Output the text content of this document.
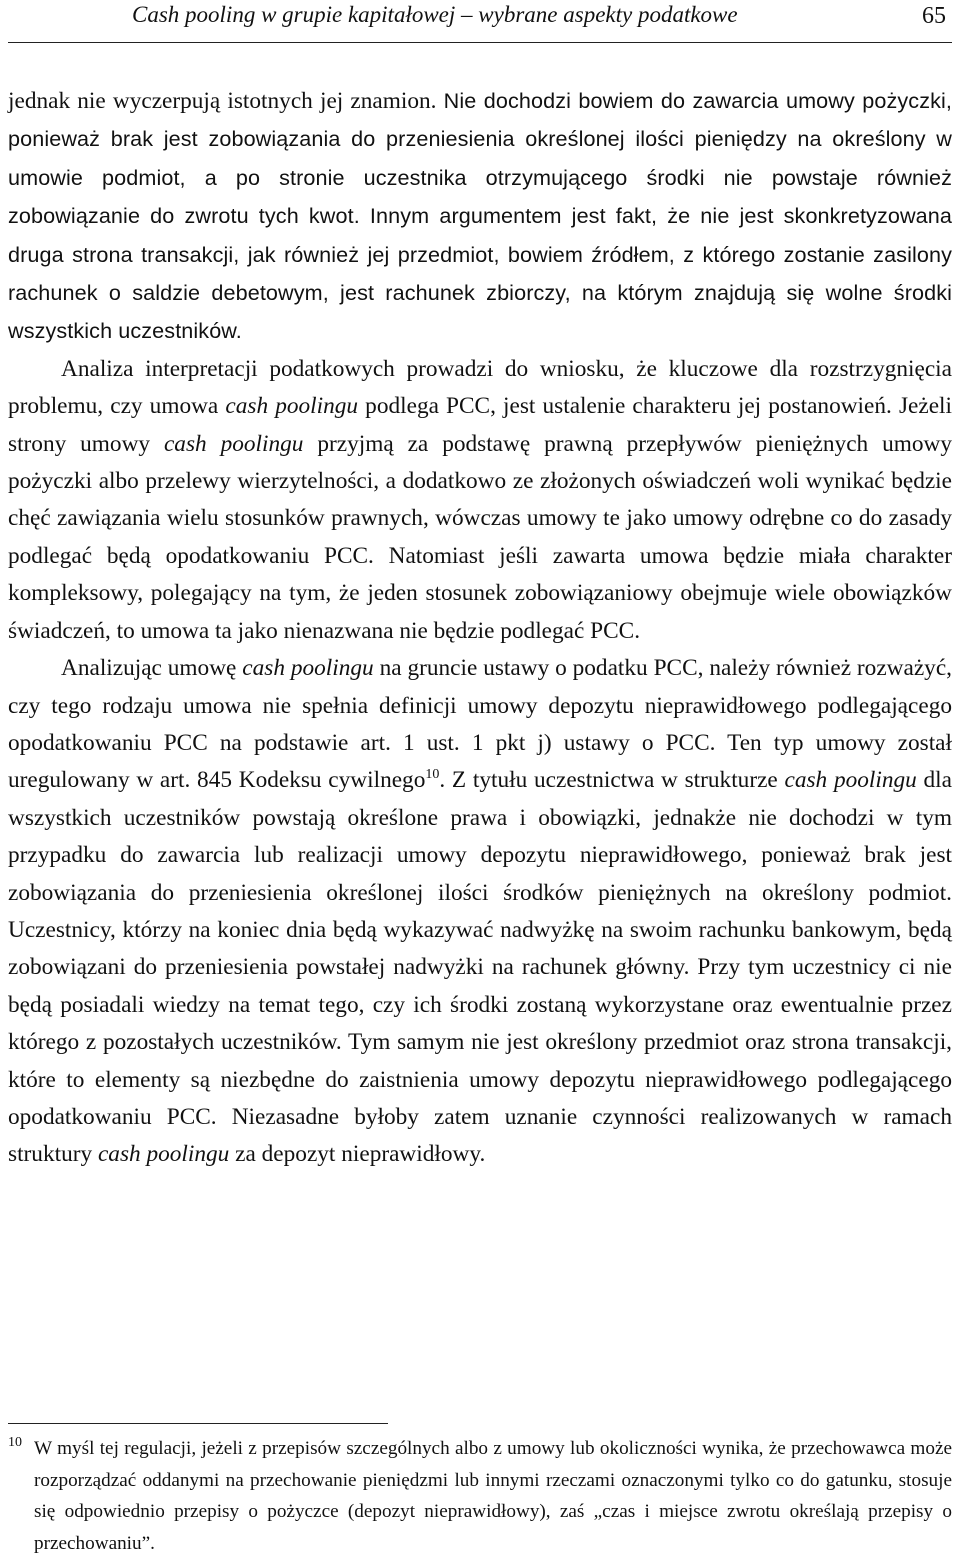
Cash pooling w grupie kapitałowej – wybrane aspekty podatkowe	65

jednak nie wyczerpują istotnych jej znamion. Nie dochodzi bowiem do zawarcia umowy pożyczki, ponieważ brak jest zobowiązania do przeniesienia określonej ilości pieniędzy na określony w umowie podmiot, a po stronie uczestnika otrzymującego środki nie powstaje również zobowiązanie do zwrotu tych kwot. Innym argumentem jest fakt, że nie jest skonkretyzowana druga strona transakcji, jak również jej przedmiot, bowiem źródłem, z którego zostanie zasilony rachunek o saldzie debetowym, jest rachunek zbiorczy, na którym znajdują się wolne środki wszystkich uczestników.

Analiza interpretacji podatkowych prowadzi do wniosku, że kluczowe dla rozstrzygnięcia problemu, czy umowa cash poolingu podlega PCC, jest ustalenie charakteru jej postanowień. Jeżeli strony umowy cash poolingu przyjmą za podstawę prawną przepływów pieniężnych umowy pożyczki albo przelewy wierzytelności, a dodatkowo ze złożonych oświadczeń woli wynikać będzie chęć zawiązania wielu stosunków prawnych, wówczas umowy te jako umowy odrębne co do zasady podlegać będą opodatkowaniu PCC. Natomiast jeśli zawarta umowa będzie miała charakter kompleksowy, polegający na tym, że jeden stosunek zobowiązaniowy obejmuje wiele obowiązków świadczeń, to umowa ta jako nienazwana nie będzie podlegać PCC.

Analizując umowę cash poolingu na gruncie ustawy o podatku PCC, należy również rozważyć, czy tego rodzaju umowa nie spełnia definicji umowy depozytu nieprawidłowego podlegającego opodatkowaniu PCC na podstawie art. 1 ust. 1 pkt j) ustawy o PCC. Ten typ umowy został uregulowany w art. 845 Kodeksu cywilnego$^{10}$. Z tytułu uczestnictwa w strukturze cash poolingu dla wszystkich uczestników powstają określone prawa i obowiązki, jednakże nie dochodzi w tym przypadku do zawarcia lub realizacji umowy depozytu nieprawidłowego, ponieważ brak jest zobowiązania do przeniesienia określonej ilości środków pieniężnych na określony podmiot. Uczestnicy, którzy na koniec dnia będą wykazywać nadwyżkę na swoim rachunku bankowym, będą zobowiązani do przeniesienia powstałej nadwyżki na rachunek główny. Przy tym uczestnicy ci nie będą posiadali wiedzy na temat tego, czy ich środki zostaną wykorzystane oraz ewentualnie przez którego z pozostałych uczestników. Tym samym nie jest określony przedmiot oraz strona transakcji, które to elementy są niezbędne do zaistnienia umowy depozytu nieprawidłowego podlegającego opodatkowaniu PCC. Niezasadne byłoby zatem uznanie czynności realizowanych w ramach struktury cash poolingu za depozyt nieprawidłowy.

10 W myśl tej regulacji, jeżeli z przepisów szczególnych albo z umowy lub okoliczności wynika, że przechowawca może rozporządzać oddanymi na przechowanie pieniędzmi lub innymi rzeczami oznaczonymi tylko co do gatunku, stosuje się odpowiednio przepisy o pożyczce (depozyt nieprawidłowy), zaś „czas i miejsce zwrotu określają przepisy o przechowaniu”.
